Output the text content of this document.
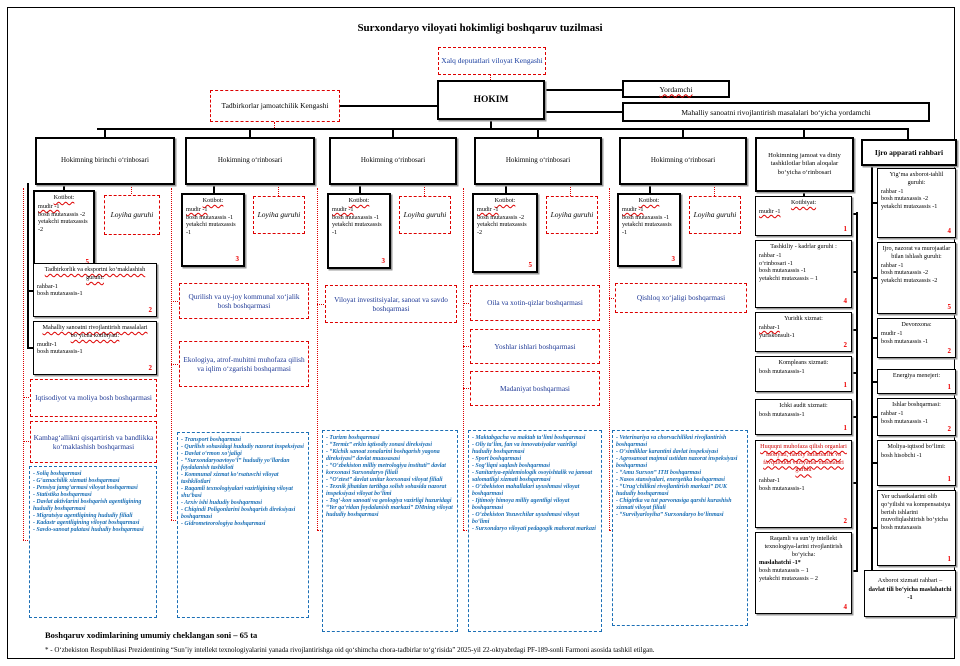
Surxondaryo viloyati hokimligi boshqaruv tuzilmasi
Xalq deputatlari viloyat Kengashi
HOKIM
Yordamchi
Mahalliy sanoatni rivojlantirish masalalari bo‘yicha yordamchi
Tadbirkorlar jamoatchilik Kengashi
Hokimning birinchi o‘rinbosari	Hokimning o‘rinbosari	Hokimning o‘rinbosari	Hokimning o‘rinbosari	Hokimning o‘rinbosari
Hokimning jamoat va diniy tashkilotlar bilan aloqalar bo‘yicha o‘rinbosari
Ijro apparati rahbari
Kotibot:
mudir -1
bosh mutaxassis -2
yetakchi mutaxassis -2
Loyiha guruhi
Tadbirkorlik va eksportni ko‘maklashish guruhi:
rahbar-1
bosh mutaxassis-1
2
Mahalliy sanoatni rivojlantirish masalalari bo‘yicha kotibiyati:
mudir-1
bosh mutaxassis-1
2
Iqtisodiyot va moliya bosh boshqarmasi
Kambag‘allikni qisqartirish va bandlikka ko‘maklashish boshqarmasi
- Soliq boshqarmasi
- G‘aznachilik xizmati boshqarmasi
- Pensiya jamg‘armasi viloyat boshqarmasi
- Statistika boshqarmasi
- Davlat aktivlarini boshqarish agentligining hududiy boshqarmasi
- Migratsiya agentligining hududiy filiali
- Kadastr agentligining viloyat boshqarmasi
- Savdo-sanoat palatasi hududiy boshqarmasi
Kotibot:
mudir -1
bosh mutaxassis -1
yetakchi mutaxassis -1
3
Loyiha guruhi
Qurilish va uy-joy kommunal xo‘jalik bosh boshqarmasi
Ekologiya, atrof-muhitni muhofaza qilish va iqlim o‘zgarishi boshqarmasi
- Transport boshqarmasi
- Qurilish sohasidagi hududiy nazorat inspeksiyasi
- Davlat o‘rmon xo‘jaligi
- “Surxondaryoavtoyo‘l” hududiy yo‘llardan foydalanish tashkiloti
- Kommunal xizmat ko‘rsatuvchi viloyat tashkilotlari
- Raqamli texnologiyalari vazirligining viloyat shu‘basi
- Arxiv ishi hududiy boshqarmasi
- Chiqindi Poligonlarini boshqarish direksiyasi boshqarmasi
- Gidrometeorologiya boshqarmasi
Kotibot:
mudir -1
bosh mutaxassis -1
yetakchi mutaxassis -1
3
Loyiha guruhi
Viloyat investitsiyalar, sanoat va savdo boshqarmasi
- Turizm boshqarmasi
- “Termiz” erkin iqtisodiy zonasi direksiyasi
- “Kichik sanoat zonalarini boshqarish yagona direksiyasi” davlat muassasasi
- “O‘zbekiston milliy metrologiya instituti” davlat korxonasi Surxondaryo filiali
- “O‘ztest” davlat unitar korxonasi viloyat filiali
- Texnik jihatdan tartibga solish sohasida nazorat inspeksiyasi viloyat bo‘limi
- Tog‘-kon sanoati va geologiya vazirligi huzuridagi “Yer qa‘ridan foydalanish markazi” DMning viloyat hududiy boshqarmasi
Kotibot:
mudir -1
bosh mutaxassis -2
yetakchi mutaxassis -2
5
Loyiha guruhi
Oila va xotin-qizlar boshqarmasi
Yoshlar ishlari boshqarmasi
Madaniyat boshqarmasi
- Maktabgacha va maktab ta‘limi boshqarmasi
- Oliy ta‘lim, fan va innovatsiyalar vazirligi hududiy boshqarmasi
- Sport boshqarmasi
- Sog‘liqni saqlash boshqarmasi
- Sanitariya-epidemiologik osoyishtalik va jamoat salomatligi xizmati boshqarmasi
- O‘zbekiston mahallalari uyushmasi viloyat boshqarmasi
- Ijtimoiy himoya milliy agentligi viloyat boshqarmasi
- O‘zbekiston Yozuvchilar uyushmasi viloyat bo‘limi
- Surxondaryo viloyati pedagogik mahorat markazi
Kotibot:
mudir -1
bosh mutaxassis -1
yetakchi mutaxassis -1
3
Loyiha guruhi
Qishloq xo‘jaligi boshqarmasi
- Veterinariya va chorvachilikni rivojlantirish boshqarmasi
- O‘simliklar karantini davlat inspeksiyasi
- Agrosanoat majmui ustidan nazorat inspeksiyasi boshqarmasi
- “Amu Surxon” ITH boshqarmasi
- Nasos stansiyalari, energetika boshqarmasi
- “Urug‘chilikni rivojlantirish markazi” DUK hududiy boshqarmasi
- Chigirtka va tut parvonasiga qarshi kurashish xizmati viloyat filiali
- “Survilyarloyiha” Surxondaryo bo‘linmasi
Kotibiyat:
mudir -1
1
Tashkiliy - kadrlar guruhi :
rahbar -1
o‘rinbosari -1
bosh mutaxassis -1
yetakchi mutaxassis – 1
4
Yuridik xizmat:
rahbar-1
yuriskonsult-1
2
Kompleans xizmati:
bosh mutaxassis-1
1
Ichki audit xizmati:
bosh mutaxassis-1
1
Huquqni muhofaza qilish organlari faoliyati, harbiy safarbarlik va favqulodda vaziyatlar masalalari guruhi
rahbar-1
bosh mutaxassis-1
2
Raqamli va sun’iy intellekt texnologiya-larini rivojlantirish bo‘yicha:
maslahatchi -1*
bosh mutaxassis – 1
yetakchi mutaxassis – 2
4
Yig‘ma axborot-tahlil guruhi:
rahbar -1
bosh mutaxassis -2
yetakchi mutaxassis -1
4
Ijro, nazorat va murojaatlar bilan ishlash guruhi:
rahbar -1
bosh mutaxassis -2
yetakchi mutaxassis -2
5
Devonxona:
mudir -1
bosh mutaxassis -1
2
Energiya menejeri:
1
Ishlar boshqarmasi:
rahbar -1
bosh mutaxassis -1
2
Moliya-iqtisod bo‘limi:
bosh hisobchi -1
1
Yer uchastkalarini olib qo‘yilishi va kompensatsiya berish ishlarini muvofiqlashtirish bo‘yicha bosh mutaxassis
1
Axborot xizmati rahbari –
davlat tili bo‘yicha maslahatchi -1
Boshqaruv xodimlarining umumiy cheklangan soni – 65 ta
* - O‘zbekiston Respublikasi Prezidentining “Sun’iy intellekt texnologiyalarini yanada rivojlantirishga oid qo‘shimcha chora-tadbirlar to‘g‘risida” 2025-yil 22-oktyabrdagi PF-189-sonli Farmoni asosida tashkil etilgan.
